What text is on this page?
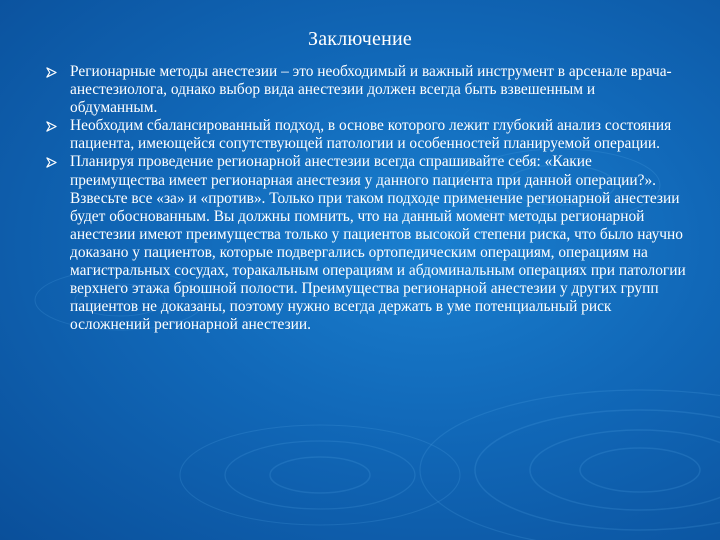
Заключение
Регионарные методы анестезии – это необходимый и важный инструмент в арсенале врача-анестезиолога, однако выбор вида анестезии должен всегда быть взвешенным и обдуманным.
Необходим сбалансированный подход, в основе которого лежит глубокий анализ состояния пациента, имеющейся сопутствующей патологии и особенностей планируемой операции.
Планируя проведение регионарной анестезии всегда спрашивайте себя: «Какие преимущества имеет регионарная анестезия у данного пациента при данной операции?». Взвесьте все «за» и «против». Только при таком подходе применение регионарной анестезии будет обоснованным. Вы должны помнить, что на данный момент методы регионарной анестезии имеют преимущества только у пациентов высокой степени риска, что было научно доказано у пациентов, которые подвергались ортопедическим операциям, операциям на магистральных сосудах, торакальным операциям и абдоминальным операциях при патологии верхнего этажа брюшной полости. Преимущества регионарной анестезии у других групп пациентов не доказаны, поэтому нужно всегда держать в уме потенциальный риск осложнений регионарной анестезии.
